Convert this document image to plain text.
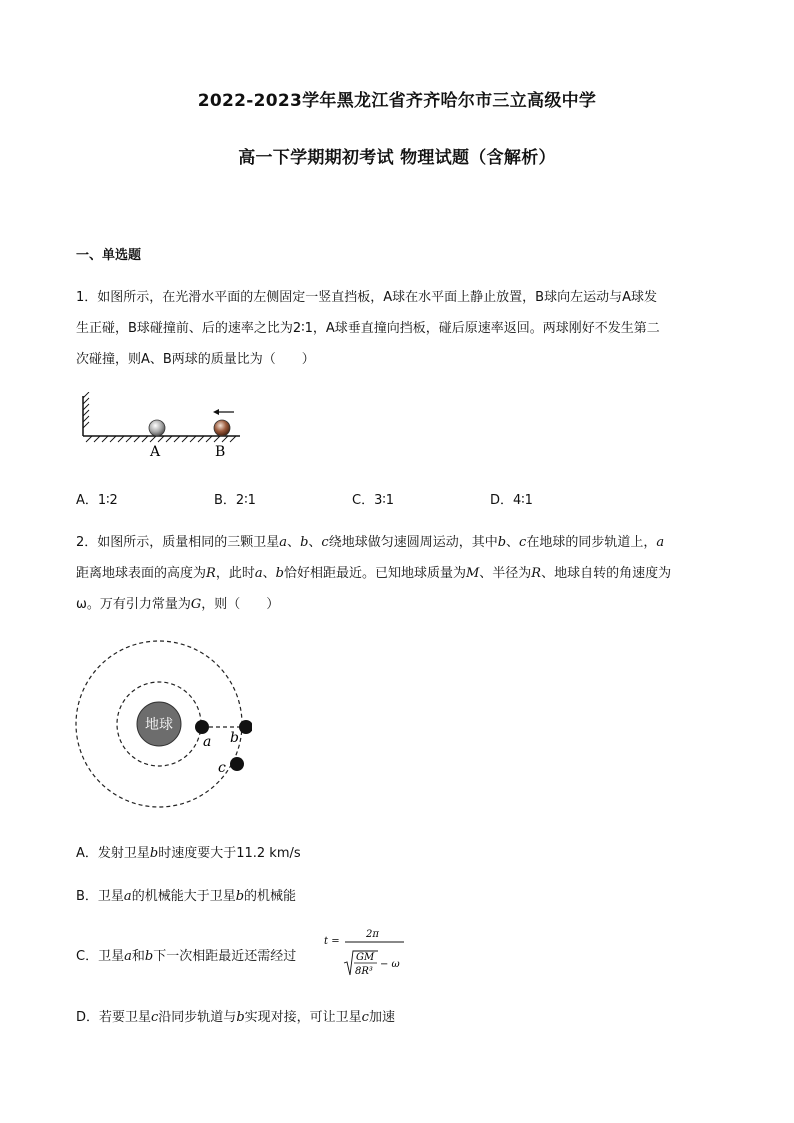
2022-2023学年黑龙江省齐齐哈尔市三立高级中学
高一下学期期初考试 物理试题（含解析）
一、单选题
1．如图所示，在光滑水平面的左侧固定一竖直挡板，A球在水平面上静止放置，B球向左运动与A球发
生正碰，B球碰撞前、后的速率之比为2∶1，A球垂直撞向挡板，碰后原速率返回。两球刚好不发生第二
次碰撞，则A、B两球的质量比为（　　）
A	B
A．1∶2	B．2∶1	C．3∶1	D．4∶1
2．如图所示，质量相同的三颗卫星a、b、c绕地球做匀速圆周运动，其中b、c在地球的同步轨道上，a
距离地球表面的高度为R，此时a、b恰好相距最近。已知地球质量为M、半径为R、地球自转的角速度为
ω。万有引力常量为G，则（　　）
地球
a b
c
A．发射卫星b时速度要大于11.2 km/s
B．卫星a的机械能大于卫星b的机械能
C．卫星a和b下一次相距最近还需经过
t =
2π
GM
8R³
− ω
D．若要卫星c沿同步轨道与b实现对接，可让卫星c加速
